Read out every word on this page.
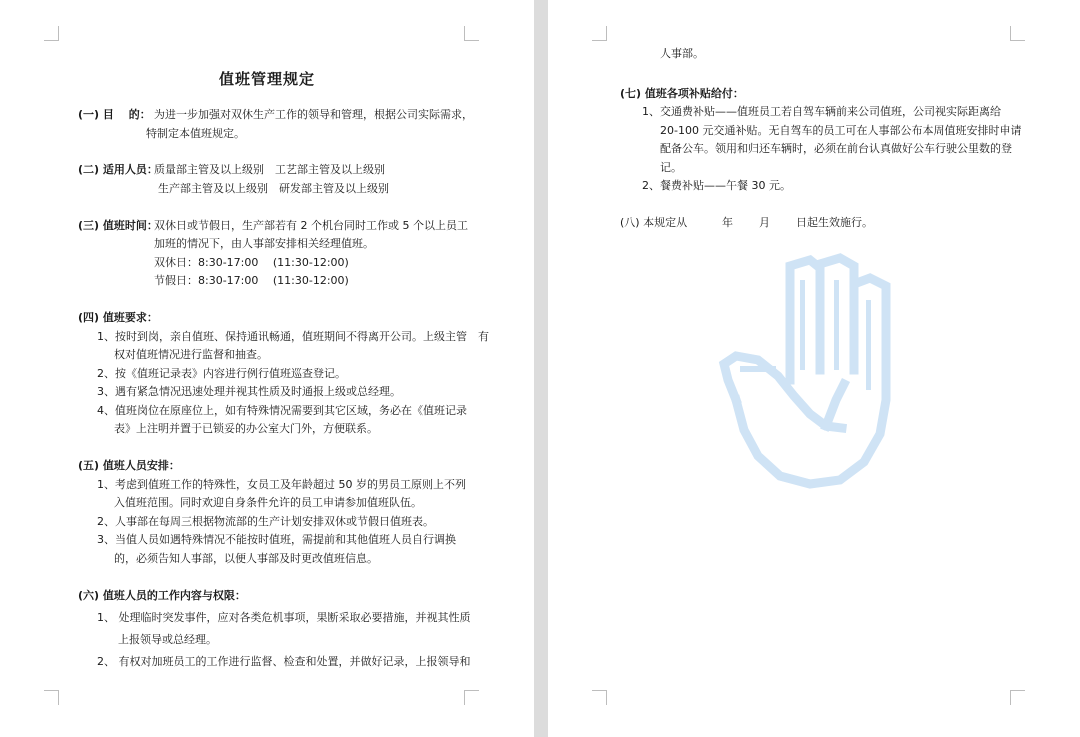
值班管理规定
(一) 目　 的： 为进一步加强对双休生产工作的领导和管理，根据公司实际需求，
特制定本值班规定。
(二) 适用人员：
质量部主管及以上级别　工艺部主管及以上级别
生产部主管及以上级别　研发部主管及以上级别
(三) 值班时间：
双休日或节假日，生产部若有 2 个机台同时工作或 5 个以上员工
加班的情况下，由人事部安排相关经理值班。
双休日：8:30-17:00　 (11:30-12:00)
节假日：8:30-17:00　 (11:30-12:00)
(四) 值班要求：
1、按时到岗，亲自值班、保持通讯畅通，值班期间不得离开公司。上级主管　有
权对值班情况进行监督和抽查。
2、按《值班记录表》内容进行例行值班巡查登记。
3、遇有紧急情况迅速处理并视其性质及时通报上级或总经理。
4、值班岗位在原座位上，如有特殊情况需要到其它区域，务必在《值班记录
表》上注明并置于已锁妥的办公室大门外，方便联系。
(五) 值班人员安排：
1、考虑到值班工作的特殊性，女员工及年龄超过 50 岁的男员工原则上不列
入值班范围。同时欢迎自身条件允许的员工申请参加值班队伍。
2、人事部在每周三根据物流部的生产计划安排双休或节假日值班表。
3、当值人员如遇特殊情况不能按时值班，需提前和其他值班人员自行调换
的，必须告知人事部，以便人事部及时更改值班信息。
(六) 值班人员的工作内容与权限：
1、 处理临时突发事件，应对各类危机事项，果断采取必要措施，并视其性质
上报领导或总经理。
2、 有权对加班员工的工作进行监督、检查和处置，并做好记录，上报领导和
人事部。
(七) 值班各项补贴给付：
1、交通费补贴——值班员工若自驾车辆前来公司值班，公司视实际距离给
20-100 元交通补贴。无自驾车的员工可在人事部公布本周值班安排时申请
配备公车。领用和归还车辆时，必须在前台认真做好公车行驶公里数的登
记。
2、餐费补贴——午餐 30 元。
(八) 本规定从	年 月 日起生效施行。
